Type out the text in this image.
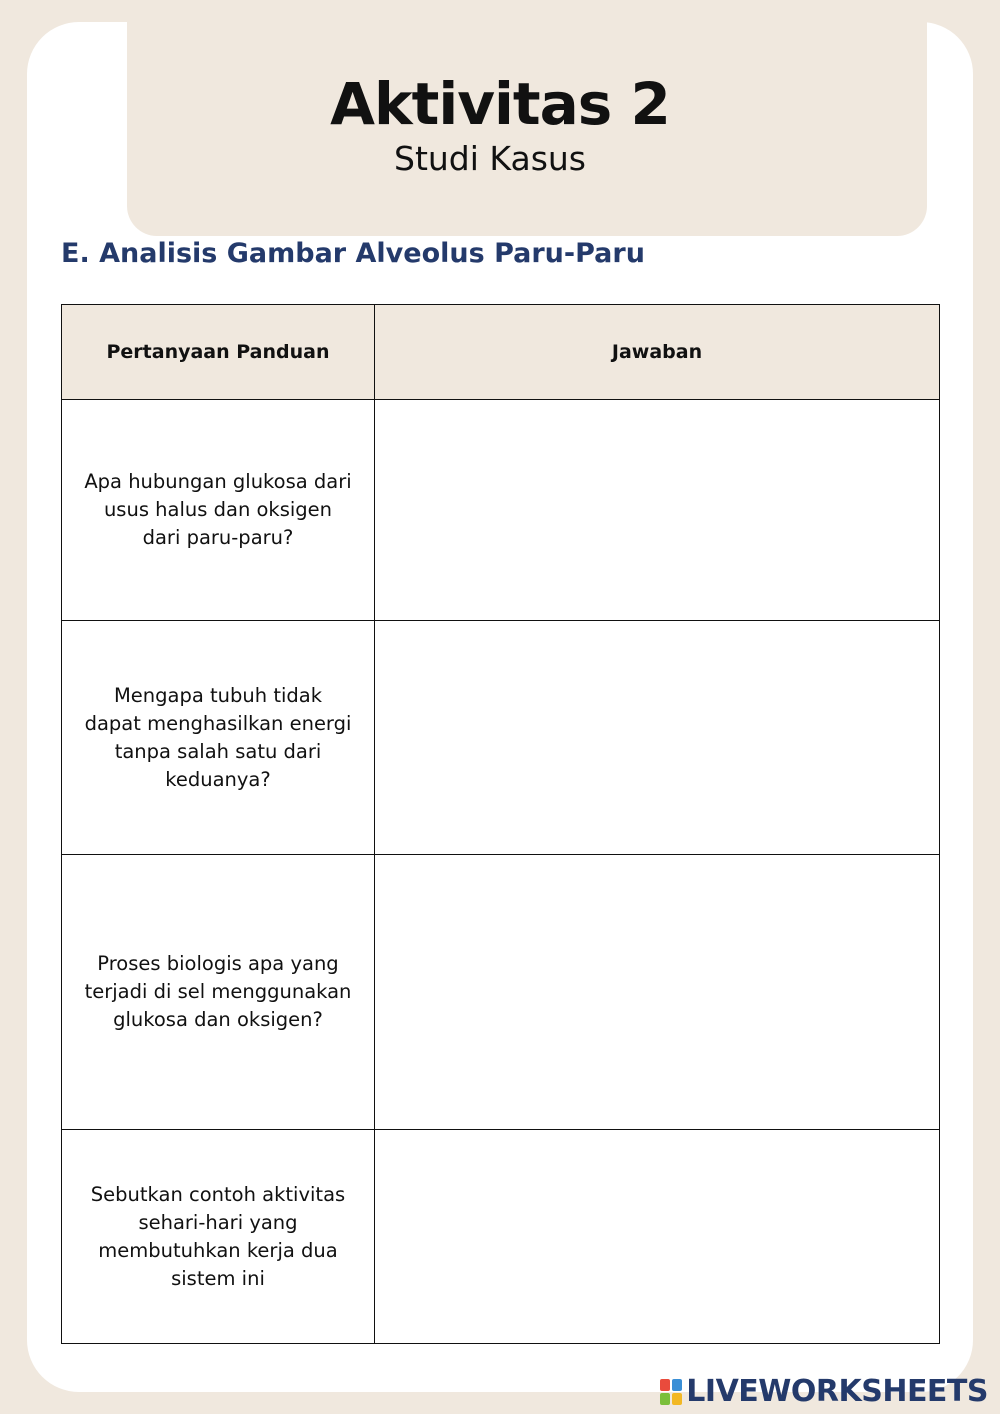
Aktivitas 2
Studi Kasus
E. Analisis Gambar Alveolus Paru-Paru
Pertanyaan Panduan	Jawaban
Apa hubungan glukosa dari usus halus dan oksigen dari paru-paru?	
Mengapa tubuh tidak dapat menghasilkan energi tanpa salah satu dari keduanya?	
Proses biologis apa yang terjadi di sel menggunakan glukosa dan oksigen?	
Sebutkan contoh aktivitas sehari-hari yang membutuhkan kerja dua sistem ini	
LIVEWORKSHEETS
